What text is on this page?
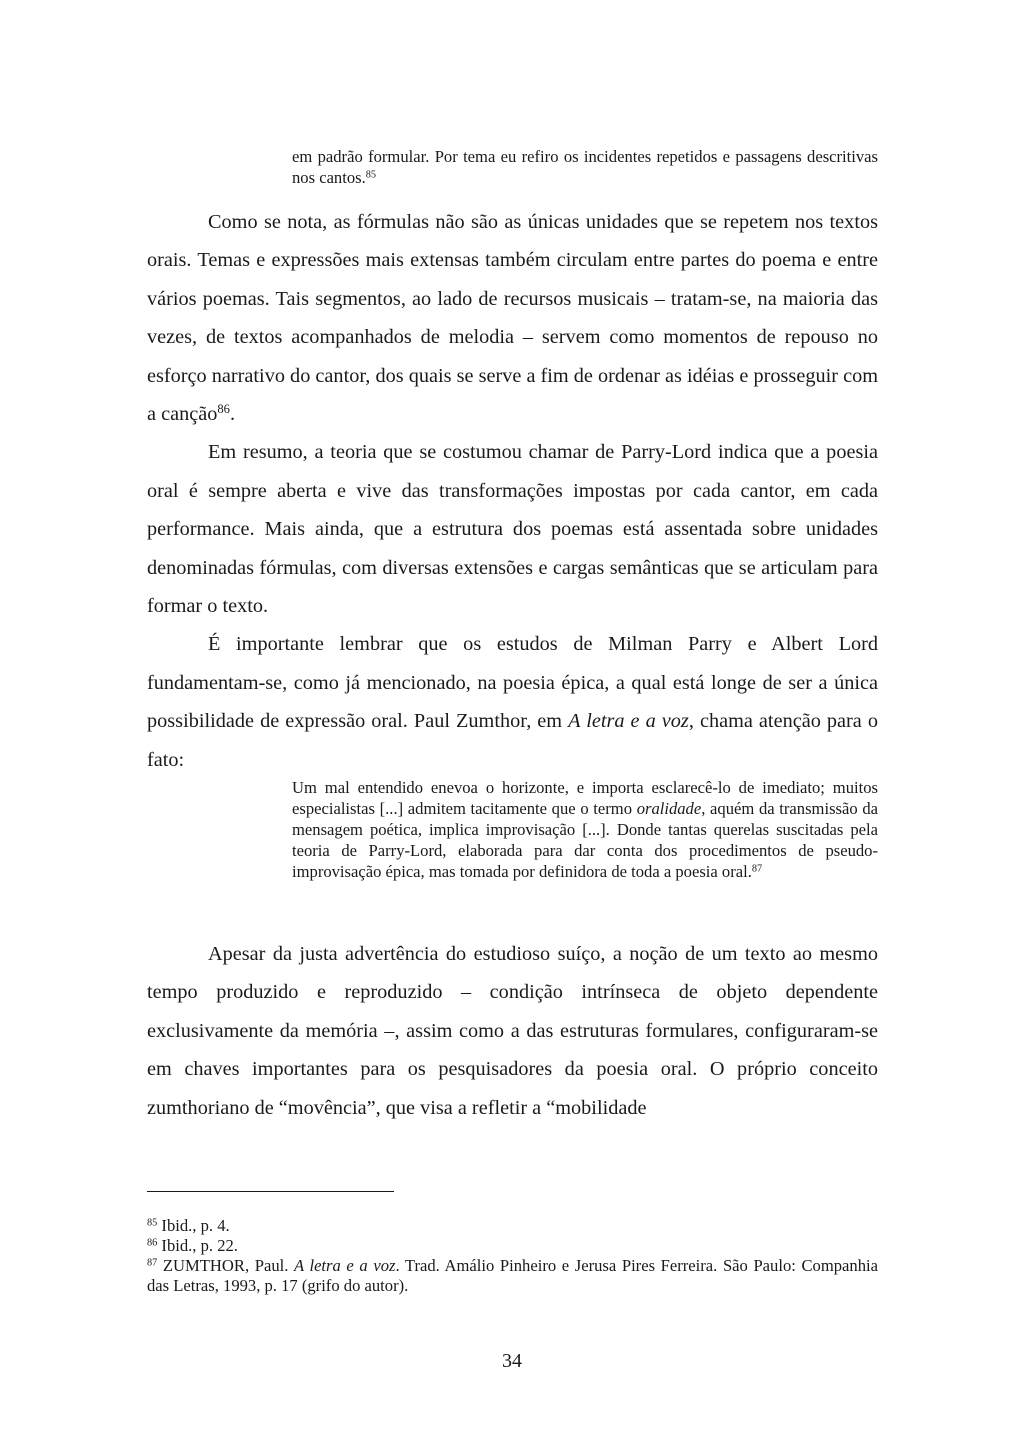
em padrão formular. Por tema eu refiro os incidentes repetidos e passagens descritivas nos cantos.$^{85}$

Como se nota, as fórmulas não são as únicas unidades que se repetem nos textos orais. Temas e expressões mais extensas também circulam entre partes do poema e entre vários poemas. Tais segmentos, ao lado de recursos musicais – tratam-se, na maioria das vezes, de textos acompanhados de melodia – servem como momentos de repouso no esforço narrativo do cantor, dos quais se serve a fim de ordenar as idéias e prosseguir com a canção$^{86}$.

Em resumo, a teoria que se costumou chamar de Parry-Lord indica que a poesia oral é sempre aberta e vive das transformações impostas por cada cantor, em cada performance. Mais ainda, que a estrutura dos poemas está assentada sobre unidades denominadas fórmulas, com diversas extensões e cargas semânticas que se articulam para formar o texto.

É importante lembrar que os estudos de Milman Parry e Albert Lord fundamentam-se, como já mencionado, na poesia épica, a qual está longe de ser a única possibilidade de expressão oral. Paul Zumthor, em A letra e a voz, chama atenção para o fato:

Um mal entendido enevoa o horizonte, e importa esclarecê-lo de imediato; muitos especialistas [...] admitem tacitamente que o termo oralidade, aquém da transmissão da mensagem poética, implica improvisação [...]. Donde tantas querelas suscitadas pela teoria de Parry-Lord, elaborada para dar conta dos procedimentos de pseudo-improvisação épica, mas tomada por definidora de toda a poesia oral.$^{87}$

Apesar da justa advertência do estudioso suíço, a noção de um texto ao mesmo tempo produzido e reproduzido – condição intrínseca de objeto dependente exclusivamente da memória –, assim como a das estruturas formulares, configuraram-se em chaves importantes para os pesquisadores da poesia oral. O próprio conceito zumthoriano de “movência”, que visa a refletir a “mobilidade

$^{85}$ Ibid., p. 4.
$^{86}$ Ibid., p. 22.
$^{87}$ ZUMTHOR, Paul. A letra e a voz. Trad. Amálio Pinheiro e Jerusa Pires Ferreira. São Paulo: Companhia das Letras, 1993, p. 17 (grifo do autor).
34
